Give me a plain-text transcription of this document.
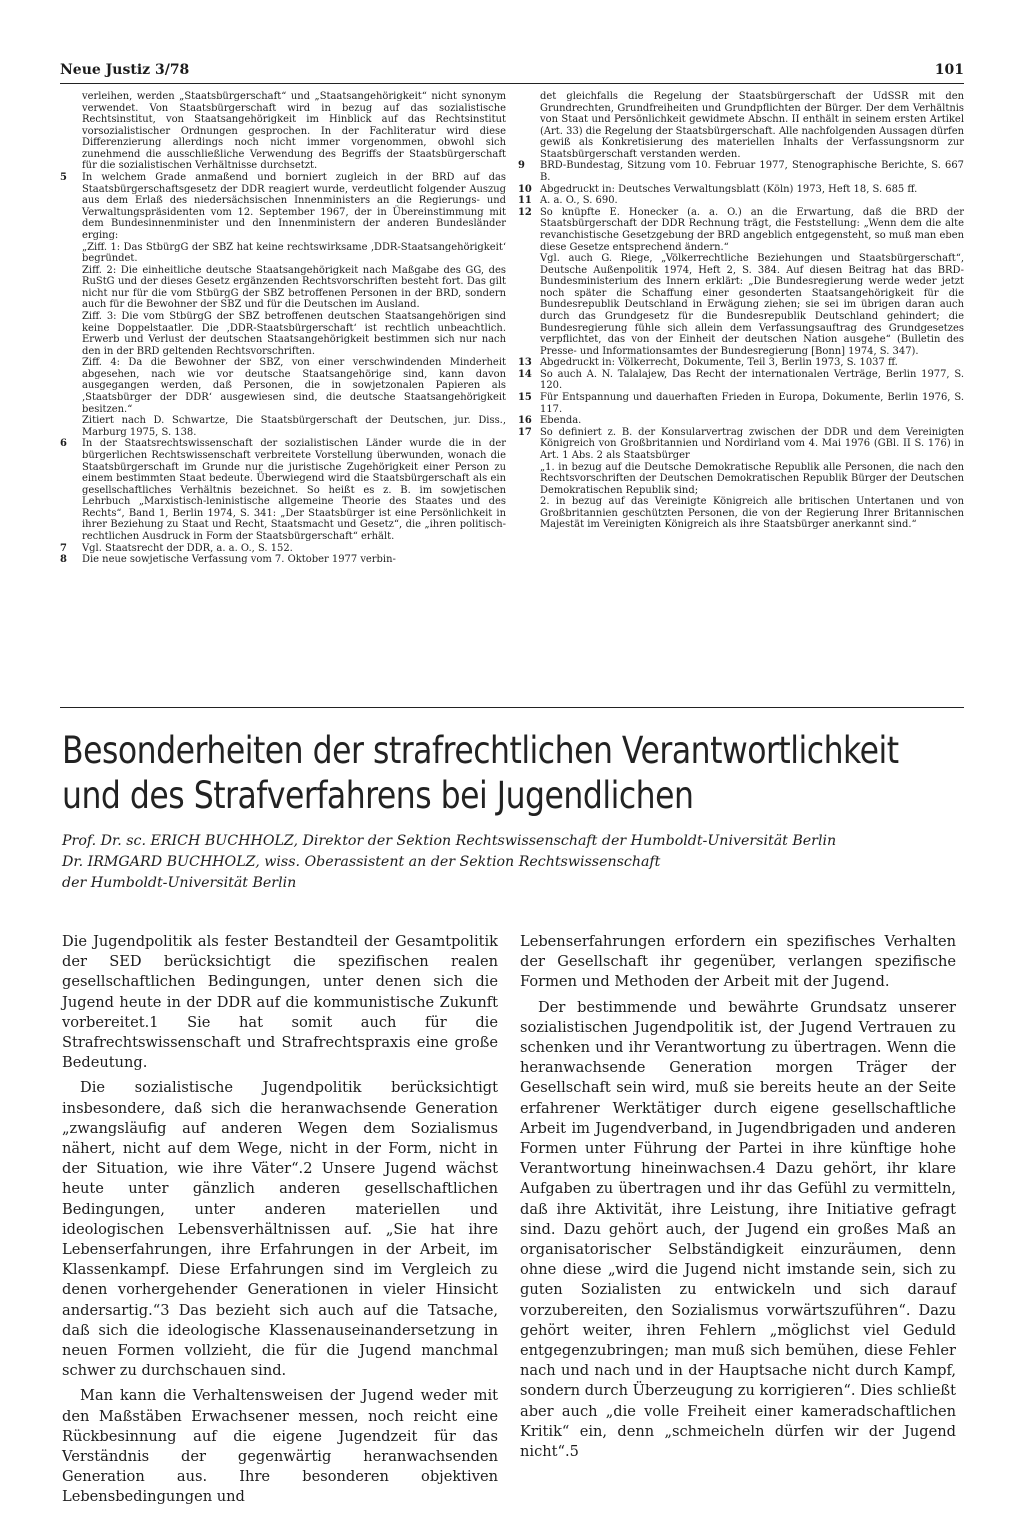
Neue Justiz 3/78	101
verleihen, werden „Staatsbürgerschaft“ und „Staatsangehörigkeit“ nicht synonym verwendet. Von Staatsbürgerschaft wird in bezug auf das sozialistische Rechtsinstitut, von Staatsangehörigkeit im Hinblick auf das Rechtsinstitut vorsozialistischer Ordnungen gesprochen. In der Fachliteratur wird diese Differenzierung allerdings noch nicht immer vorgenommen, obwohl sich zunehmend die ausschließliche Verwendung des Begriffs der Staatsbürgerschaft für die sozialistischen Verhältnisse durchsetzt.
5	In welchem Grade anmaßend und borniert zugleich in der BRD auf das Staatsbürgerschaftsgesetz der DDR reagiert wurde, verdeutlicht folgender Auszug aus dem Erlaß des niedersächsischen Innenministers an die Regierungs- und Verwaltungspräsidenten vom 12. September 1967, der in Übereinstimmung mit dem Bundesinnenminister und den Innenministern der anderen Bundesländer erging:
„Ziff. 1: Das StbürgG der SBZ hat keine rechtswirksame ‚DDR-Staatsangehörigkeit‘ begründet.
Ziff. 2: Die einheitliche deutsche Staatsangehörigkeit nach Maßgabe des GG, des RuStG und der dieses Gesetz ergänzenden Rechtsvorschriften besteht fort. Das gilt nicht nur für die vom StbürgG der SBZ betroffenen Personen in der BRD, sondern auch für die Bewohner der SBZ und für die Deutschen im Ausland.
Ziff. 3: Die vom StbürgG der SBZ betroffenen deutschen Staatsangehörigen sind keine Doppelstaatler. Die ‚DDR-Staatsbürgerschaft‘ ist rechtlich unbeachtlich. Erwerb und Verlust der deutschen Staatsangehörigkeit bestimmen sich nur nach den in der BRD geltenden Rechtsvorschriften.
Ziff. 4: Da die Bewohner der SBZ, von einer verschwindenden Minderheit abgesehen, nach wie vor deutsche Staatsangehörige sind, kann davon ausgegangen werden, daß Personen, die in sowjetzonalen Papieren als ‚Staatsbürger der DDR‘ ausgewiesen sind, die deutsche Staatsangehörigkeit besitzen.“
Zitiert nach D. Schwartze, Die Staatsbürgerschaft der Deutschen, jur. Diss., Marburg 1975, S. 138.
6	In der Staatsrechtswissenschaft der sozialistischen Länder wurde die in der bürgerlichen Rechtswissenschaft verbreitete Vorstellung überwunden, wonach die Staatsbürgerschaft im Grunde nur die juristische Zugehörigkeit einer Person zu einem bestimmten Staat bedeute. Überwiegend wird die Staatsbürgerschaft als ein gesellschaftliches Verhältnis bezeichnet. So heißt es z. B. im sowjetischen Lehrbuch „Marxistisch-leninistische allgemeine Theorie des Staates und des Rechts“, Band 1, Berlin 1974, S. 341: „Der Staatsbürger ist eine Persönlichkeit in ihrer Beziehung zu Staat und Recht, Staatsmacht und Gesetz“, die „ihren politisch-rechtlichen Ausdruck in Form der Staatsbürgerschaft“ erhält.
7	Vgl. Staatsrecht der DDR, a. a. O., S. 152.
8	Die neue sowjetische Verfassung vom 7. Oktober 1977 verbin-
det gleichfalls die Regelung der Staatsbürgerschaft der UdSSR mit den Grundrechten, Grundfreiheiten und Grundpflichten der Bürger. Der dem Verhältnis von Staat und Persönlichkeit gewidmete Abschn. II enthält in seinem ersten Artikel (Art. 33) die Regelung der Staatsbürgerschaft. Alle nachfolgenden Aussagen dürfen gewiß als Konkretisierung des materiellen Inhalts der Verfassungsnorm zur Staatsbürgerschaft verstanden werden.
9	BRD-Bundestag, Sitzung vom 10. Februar 1977, Stenographische Berichte, S. 667 B.
10 Abgedruckt in: Deutsches Verwaltungsblatt (Köln) 1973, Heft 18, S. 685 ff.
11 A. a. O., S. 690.
12 So knüpfte E. Honecker (a. a. O.) an die Erwartung, daß die BRD der Staatsbürgerschaft der DDR Rechnung trägt, die Feststellung: „Wenn dem die alte revanchistische Gesetzgebung der BRD angeblich entgegensteht, so muß man eben diese Gesetze entsprechend ändern.“
Vgl. auch G. Riege, „Völkerrechtliche Beziehungen und Staatsbürgerschaft“, Deutsche Außenpolitik 1974, Heft 2, S. 384. Auf diesen Beitrag hat das BRD-Bundesministerium des Innern erklärt: „Die Bundesregierung werde weder jetzt noch später die Schaffung einer gesonderten Staatsangehörigkeit für die Bundesrepublik Deutschland in Erwägung ziehen; sie sei im übrigen daran auch durch das Grundgesetz für die Bundesrepublik Deutschland gehindert; die Bundesregierung fühle sich allein dem Verfassungsauftrag des Grundgesetzes verpflichtet, das von der Einheit der deutschen Nation ausgehe“ (Bulletin des Presse- und Informationsamtes der Bundesregierung [Bonn] 1974, S. 347).
13 Abgedruckt in: Völkerrecht, Dokumente, Teil 3, Berlin 1973, S. 1037 ff.
14 So auch A. N. Talalajew, Das Recht der internationalen Verträge, Berlin 1977, S. 120.
15 Für Entspannung und dauerhaften Frieden in Europa, Dokumente, Berlin 1976, S. 117.
16 Ebenda.
17 So definiert z. B. der Konsularvertrag zwischen der DDR und dem Vereinigten Königreich von Großbritannien und Nordirland vom 4. Mai 1976 (GBl. II S. 176) in Art. 1 Abs. 2 als Staatsbürger
„1. in bezug auf die Deutsche Demokratische Republik alle Personen, die nach den Rechtsvorschriften der Deutschen Demokratischen Republik Bürger der Deutschen Demokratischen Republik sind;
2. in bezug auf das Vereinigte Königreich alle britischen Untertanen und von Großbritannien geschützten Personen, die von der Regierung Ihrer Britannischen Majestät im Vereinigten Königreich als ihre Staatsbürger anerkannt sind.“
Besonderheiten der strafrechtlichen Verantwortlichkeit
und des Strafverfahrens bei Jugendlichen
Prof. Dr. sc. ERICH BUCHHOLZ, Direktor der Sektion Rechtswissenschaft der Humboldt-Universität Berlin
Dr. IRMGARD BUCHHOLZ, wiss. Oberassistent an der Sektion Rechtswissenschaft
der Humboldt-Universität Berlin

Die Jugendpolitik als fester Bestandteil der Gesamtpolitik der SED berücksichtigt die spezifischen realen gesellschaftlichen Bedingungen, unter denen sich die Jugend heute in der DDR auf die kommunistische Zukunft vorbereitet.1 Sie hat somit auch für die Strafrechtswissenschaft und Strafrechtspraxis eine große Bedeutung.

Die sozialistische Jugendpolitik berücksichtigt insbesondere, daß sich die heranwachsende Generation „zwangsläufig auf anderen Wegen dem Sozialismus nähert, nicht auf dem Wege, nicht in der Form, nicht in der Situation, wie ihre Väter“.2 Unsere Jugend wächst heute unter gänzlich anderen gesellschaftlichen Bedingungen, unter anderen materiellen und ideologischen Lebensverhältnissen auf. „Sie hat ihre Lebenserfahrungen, ihre Erfahrungen in der Arbeit, im Klassenkampf. Diese Erfahrungen sind im Vergleich zu denen vorhergehender Generationen in vieler Hinsicht andersartig.“3 Das bezieht sich auch auf die Tatsache, daß sich die ideologische Klassenauseinandersetzung in neuen Formen vollzieht, die für die Jugend manchmal schwer zu durchschauen sind.

Man kann die Verhaltensweisen der Jugend weder mit den Maßstäben Erwachsener messen, noch reicht eine Rückbesinnung auf die eigene Jugendzeit für das Verständnis der gegenwärtig heranwachsenden Generation aus. Ihre besonderen objektiven Lebensbedingungen und

Lebenserfahrungen erfordern ein spezifisches Verhalten der Gesellschaft ihr gegenüber, verlangen spezifische Formen und Methoden der Arbeit mit der Jugend.

Der bestimmende und bewährte Grundsatz unserer sozialistischen Jugendpolitik ist, der Jugend Vertrauen zu schenken und ihr Verantwortung zu übertragen. Wenn die heranwachsende Generation morgen Träger der Gesellschaft sein wird, muß sie bereits heute an der Seite erfahrener Werktätiger durch eigene gesellschaftliche Arbeit im Jugendverband, in Jugendbrigaden und anderen Formen unter Führung der Partei in ihre künftige hohe Verantwortung hineinwachsen.4 Dazu gehört, ihr klare Aufgaben zu übertragen und ihr das Gefühl zu vermitteln, daß ihre Aktivität, ihre Leistung, ihre Initiative gefragt sind. Dazu gehört auch, der Jugend ein großes Maß an organisatorischer Selbständigkeit einzuräumen, denn ohne diese „wird die Jugend nicht imstande sein, sich zu guten Sozialisten zu entwickeln und sich darauf vorzubereiten, den Sozialismus vorwärtszuführen“. Dazu gehört weiter, ihren Fehlern „möglichst viel Geduld entgegenzubringen; man muß sich bemühen, diese Fehler nach und nach und in der Hauptsache nicht durch Kampf, sondern durch Überzeugung zu korrigieren“. Dies schließt aber auch „die volle Freiheit einer kameradschaftlichen Kritik“ ein, denn „schmeicheln dürfen wir der Jugend nicht“.5
